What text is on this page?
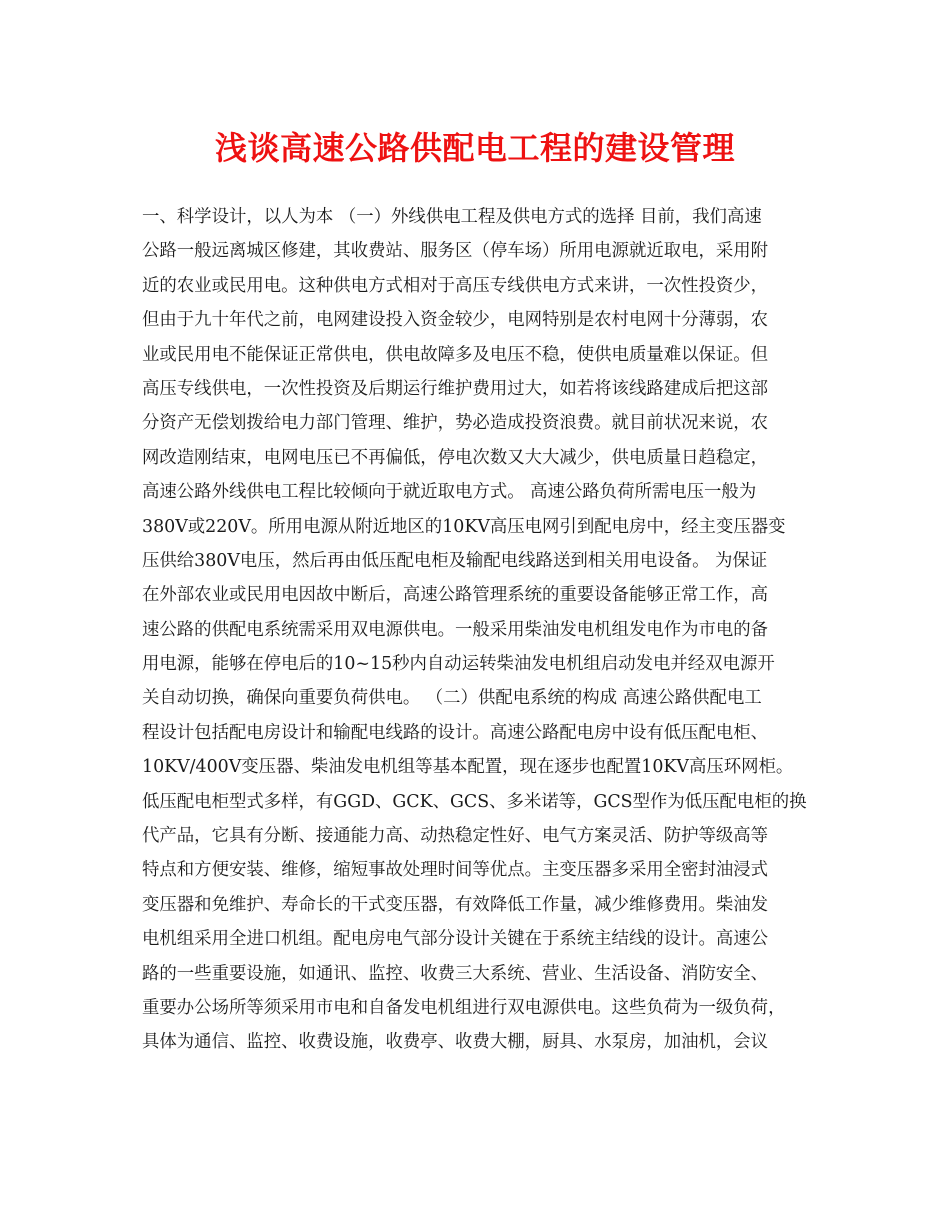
浅谈高速公路供配电工程的建设管理
一、科学设计，以人为本 （一）外线供电工程及供电方式的选择 目前，我们高速
公路一般远离城区修建，其收费站、服务区（停车场）所用电源就近取电，采用附
近的农业或民用电。这种供电方式相对于高压专线供电方式来讲，一次性投资少，
但由于九十年代之前，电网建设投入资金较少，电网特别是农村电网十分薄弱，农
业或民用电不能保证正常供电，供电故障多及电压不稳，使供电质量难以保证。但
高压专线供电，一次性投资及后期运行维护费用过大，如若将该线路建成后把这部
分资产无偿划拨给电力部门管理、维护，势必造成投资浪费。就目前状况来说，农
网改造刚结束，电网电压已不再偏低，停电次数又大大减少，供电质量日趋稳定，
高速公路外线供电工程比较倾向于就近取电方式。 高速公路负荷所需电压一般为
380V或220V。所用电源从附近地区的10KV高压电网引到配电房中，经主变压器变
压供给380V电压，然后再由低压配电柜及输配电线路送到相关用电设备。 为保证
在外部农业或民用电因故中断后，高速公路管理系统的重要设备能够正常工作，高
速公路的供配电系统需采用双电源供电。一般采用柴油发电机组发电作为市电的备
用电源，能够在停电后的10~15秒内自动运转柴油发电机组启动发电并经双电源开
关自动切换，确保向重要负荷供电。 （二）供配电系统的构成 高速公路供配电工
程设计包括配电房设计和输配电线路的设计。高速公路配电房中设有低压配电柜、
10KV/400V变压器、柴油发电机组等基本配置，现在逐步也配置10KV高压环网柜。
低压配电柜型式多样，有GGD、GCK、GCS、多米诺等，GCS型作为低压配电柜的换
代产品，它具有分断、接通能力高、动热稳定性好、电气方案灵活、防护等级高等
特点和方便安装、维修，缩短事故处理时间等优点。主变压器多采用全密封油浸式
变压器和免维护、寿命长的干式变压器，有效降低工作量，减少维修费用。柴油发
电机组采用全进口机组。配电房电气部分设计关键在于系统主结线的设计。高速公
路的一些重要设施，如通讯、监控、收费三大系统、营业、生活设备、消防安全、
重要办公场所等须采用市电和自备发电机组进行双电源供电。这些负荷为一级负荷，
具体为通信、监控、收费设施，收费亭、收费大棚，厨具、水泵房，加油机，会议
